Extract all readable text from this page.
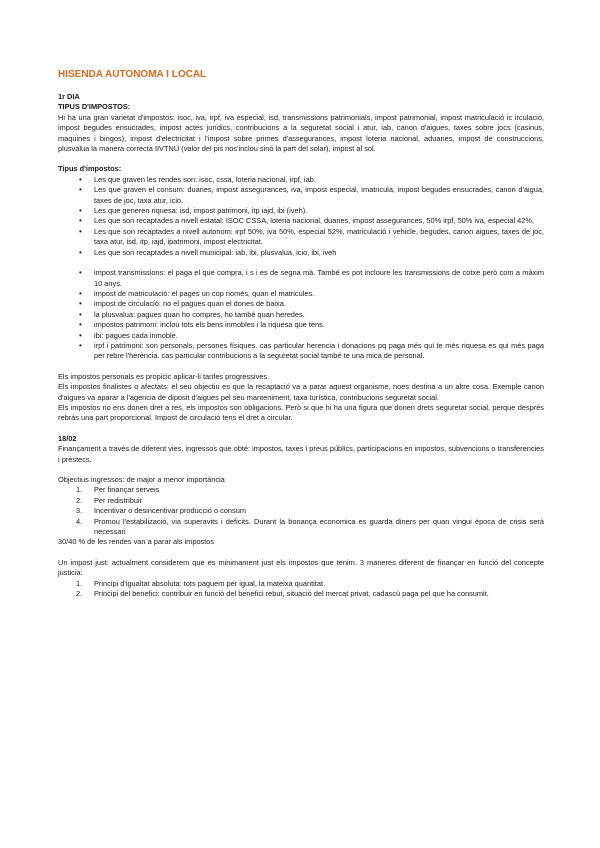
HISENDA AUTONOMA I LOCAL

1r DIA

TIPUS D'IMPOSTOS:

Hi ha una gran varietat d'impostos: isoc, iva, irpf, iva especial, isd, transmissions patrimonials, impost patrimonial, impost matriculació ic irculació, impost begudes ensucrades, impost actes jurídics, contribucions a la seguretat social i atur, iab, canon d'aigues, taxes sobre jocs (casinus, maquines i bingos), impost d'electricitat i l'impost sobre primes d'assegurances, impost loteria nacional, aduanes, impost de construccions, plusvalua la manera correcta IIVTNU (valor del pis nos'inclou sinó la part del solar), impost al sol.

Tipus d'impostos:

• Les que graven les rendes son: isoc, cssa, loteria nacional, irpf, iab.
• Les que graven el consum: duanes, impost assegurances, iva, impost especial, imatricula, impost begudes ensucrades, canon d'aigua, taxes de joc, taxa atur, icio.
• Les que generen riquesa: isd, impost patrimoni, itp iajd, ibi (iveh).
• Les que son recaptades a nivell estatal: ISOC CSSA, loteria nacional, duanes, impost assegurances, 50% irpf, 50% iva, especial 42%,
• Les que son recaptades a nivell autonom: irpf 50%, iva 50%, especial 52%, matriculació i vehicle, begudes, canon aigues, taxes de joc, taxa atur, isd, itp, iajd, ipatrimoni, impost electricitat.
• Les que son recaptades a nivell municipal: iab, ibi, plusvalua, icio, ibi, iveh
• impost transmissions: el paga el que compra, i s i es de segna mà. També es pot incloure les transmissions de cotxe però com a màxim 10 anys.
• impost de matriculació: el pages un cop només, quan el matricules.
• impost de circulació: no el pagues quan el dones de baixa.
• la plusvalua: pagues quan ho compres, ho també quan heredes.
• impostos patrimoni: inclou tots els bens inmobles i la riquesa que tens.
• ibi: pagues cada inmoble.
• irpf i patrimoni: son personals, persones físiques. cas particular herencia i donacions pq paga més qui te més riquesa es qui més paga per rebre l'herència. cas particular contribucions a la seguretat social també te una mica de personal.

Els impostos personals es propicic aplicar-li tarifes progressives.

Els impostos finalistes o afectats: el seu objectiu es que la recaptació va a parar aquest organisme, noes destina a un altre cosa. Exemple canon d'aigues va aparar a l'agencia de diposit d'aigues pel seu manteniment, taxa turística, contribucions seguretat social.

Els impostos no ens donen dret a res, els impostos son obligacions. Però si que hi ha una figura que donen drets seguretat social, perque després rebrás una part proporcional. Impost de circulació tens el dret a circular.

18/02

Finançament a través de diferent vies, ingressos que obté: impostos, taxes i preus públics, participacions en impostos, subvencions o transferencies i préstecs.

Objectius ingressos: de major a menor importància

1. Per finançar serveis
2. Per redistribuir
3. Incentivar o desincentivar producció o consum
4. Promou l'estabilizació, via superavits i deficits. Durant la bonança economica es guarda diners per quan vingui època de crisis serà necessari

30/40 % de les rendes van a parar als impostos

Un impost just: actualment considerem que es minimament just els impostos que tenim. 3 maneres diferent de finançar en funció del concepte justicia:

1. Principi d'igualtat absoluta: tots paguem per igual, la mateixa quantitat.
2. Principi del benefici: contribuir en funció del benefici rebut, situació del mercat privat, cadascú paga pel que ha consumit.
